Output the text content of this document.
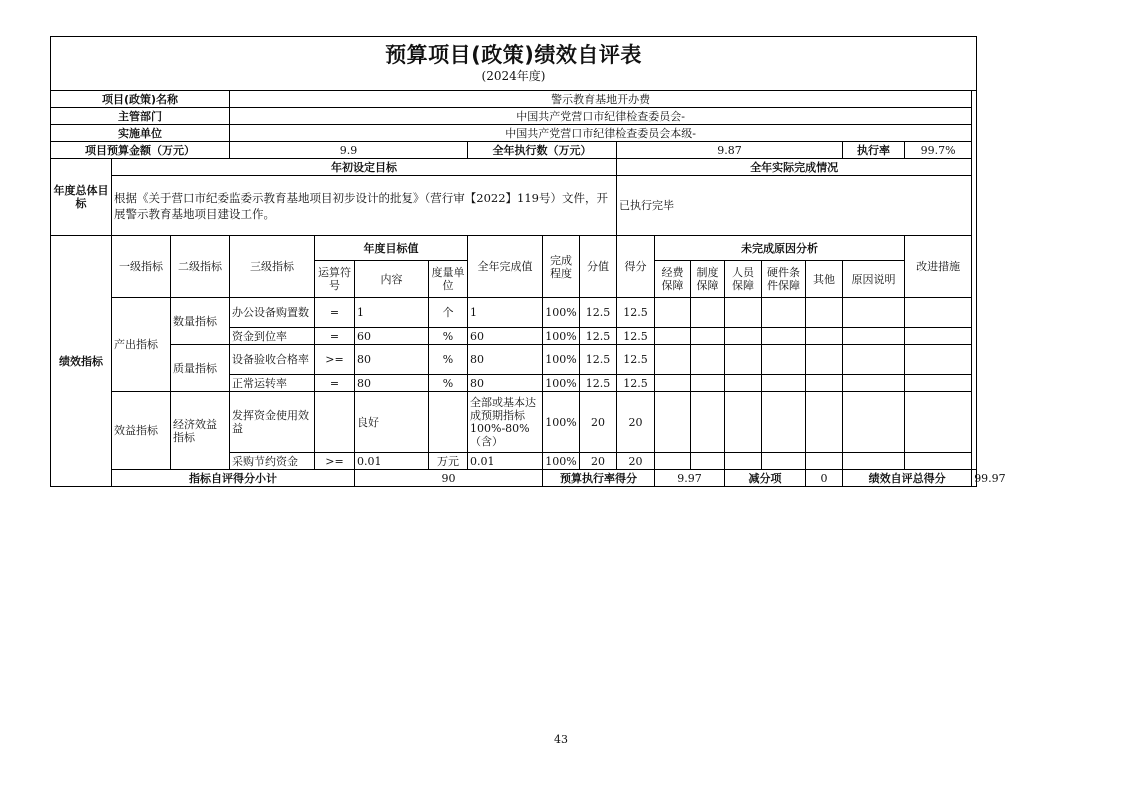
预算项目(政策)绩效自评表
(2024年度)
项目(政策)名称			警示教育基地开办费															
主管部门			中国共产党营口市纪律检查委员会-															
实施单位			中国共产党营口市纪律检查委员会本级-															
项目预算金额（万元）			9.9				全年执行数（万元）			9.87						执行率	99.7%	
年度总体目标	年初设定目标									全年实际完成情况								
	根据《关于营口市纪委监委示教育基地项目初步设计的批复》（营行审【2022】119号）文件，开展警示教育基地项目建设工作。									已执行完毕								
绩效指标	一级指标	二级指标	三级指标	年度目标值			全年完成值	完成程度	分值	得分	未完成原因分析						改进措施	
				运算符号	内容	度量单位					经费保障	制度保障	人员保障	硬件条件保障	其他	原因说明		
	产出指标	数量指标	办公设备购置数	=	1	个	1	100%	12.5	12.5								
			资金到位率	=	60	%	60	100%	12.5	12.5								
		质量指标	设备验收合格率	>=	80	%	80	100%	12.5	12.5								
			正常运转率	=	80	%	80	100%	12.5	12.5								
	效益指标	经济效益指标	发挥资金使用效益		良好		全部或基本达成预期指标100%-80%（含）	100%	20	20								
			采购节约资金	>=	0.01	万元	0.01	100%	20	20								
	指标自评得分小计				90			预算执行率得分			9.97		减分项		0	绩效自评总得分		99.97
43
